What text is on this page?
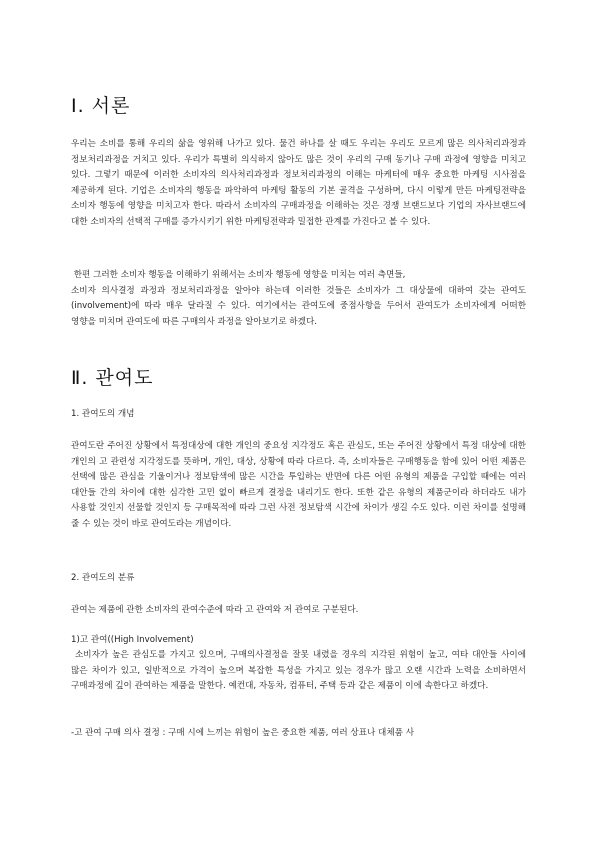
Ⅰ. 서론

우리는 소비를 통해 우리의 삶을 영위해 나가고 있다. 물건 하나를 살 때도 우리는 우리도 모르게 많은 의사처리과정과 정보처리과정을 거치고 있다. 우리가 특별히 의식하지 않아도 많은 것이 우리의 구매 동기나 구매 과정에 영향을 미치고 있다. 그렇기 때문에 이러한 소비자의 의사처리과정과 정보처리과정의 이해는 마케터에 매우 중요한 마케팅 시사점을 제공하게 된다. 기업은 소비자의 행동을 파악하여 마케팅 활동의 기본 골격을 구성하며, 다시 이렇게 만든 마케팅전략을 소비자 행동에 영향을 미치고자 한다. 따라서 소비자의 구매과정을 이해하는 것은 경쟁 브랜드보다 기업의 자사브랜드에 대한 소비자의 선택적 구매를 증가시키기 위한 마케팅전략과 밀접한 관계를 가진다고 볼 수 있다.

한편 그러한 소비자 행동을 이해하기 위해서는 소비자 행동에 영향을 미치는 여러 측면들,
소비자 의사결정 과정과 정보처리과정을 알아야 하는데 이러한 것들은 소비자가 그 대상물에 대하여 갖는 관여도(involvement)에 따라 매우 달라질 수 있다. 여기에서는 관여도에 중점사항을 두어서 관여도가 소비자에게 어떠한 영향을 미치며 관여도에 따른 구매의사 과정을 알아보기로 하겠다.

Ⅱ. 관여도

1. 관여도의 개념

관여도란 주어진 상황에서 특정대상에 대한 개인의 중요성 지각정도 혹은 관심도, 또는 주어진 상황에서 특정 대상에 대한 개인의 고 관련성 지각정도를 뜻하며, 개인, 대상, 상황에 따라 다르다. 즉, 소비자들은 구매행동을 함에 있어 어떤 제품은 선택에 많은 관심을 기울이거나 정보탐색에 많은 시간을 투입하는 반면에 다른 어떤 유형의 제품을 구입할 때에는 여러 대안들 간의 차이에 대한 심각한 고민 없이 빠르게 결정을 내리기도 한다. 또한 같은 유형의 제품군이라 하더라도 내가 사용할 것인지 선물할 것인지 등 구매목적에 따라 그런 사전 정보탐색 시간에 차이가 생길 수도 있다. 이런 차이를 설명해 줄 수 있는 것이 바로 관여도라는 개념이다.

2. 관여도의 분류

관여는 제품에 관한 소비자의 관여수준에 따라 고 관여와 저 관여로 구분된다.

1)고 관여((High Involvement)

소비자가 높은 관심도를 가지고 있으며, 구매의사결정을 잘못 내렸을 경우의 지각된 위험이 높고, 여타 대안들 사이에 많은 차이가 있고, 일반적으로 가격이 높으며 복잡한 특성을 가지고 있는 경우가 많고 오랜 시간과 노력을 소비하면서 구매과정에 깊이 관여하는 제품을 말한다. 예컨대, 자동차, 컴퓨터, 주택 등과 같은 제품이 이에 속한다고 하겠다.

-고 관여 구매 의사 결정 : 구매 시에 느끼는 위험이 높은 중요한 제품, 여러 상표나 대체품 사
